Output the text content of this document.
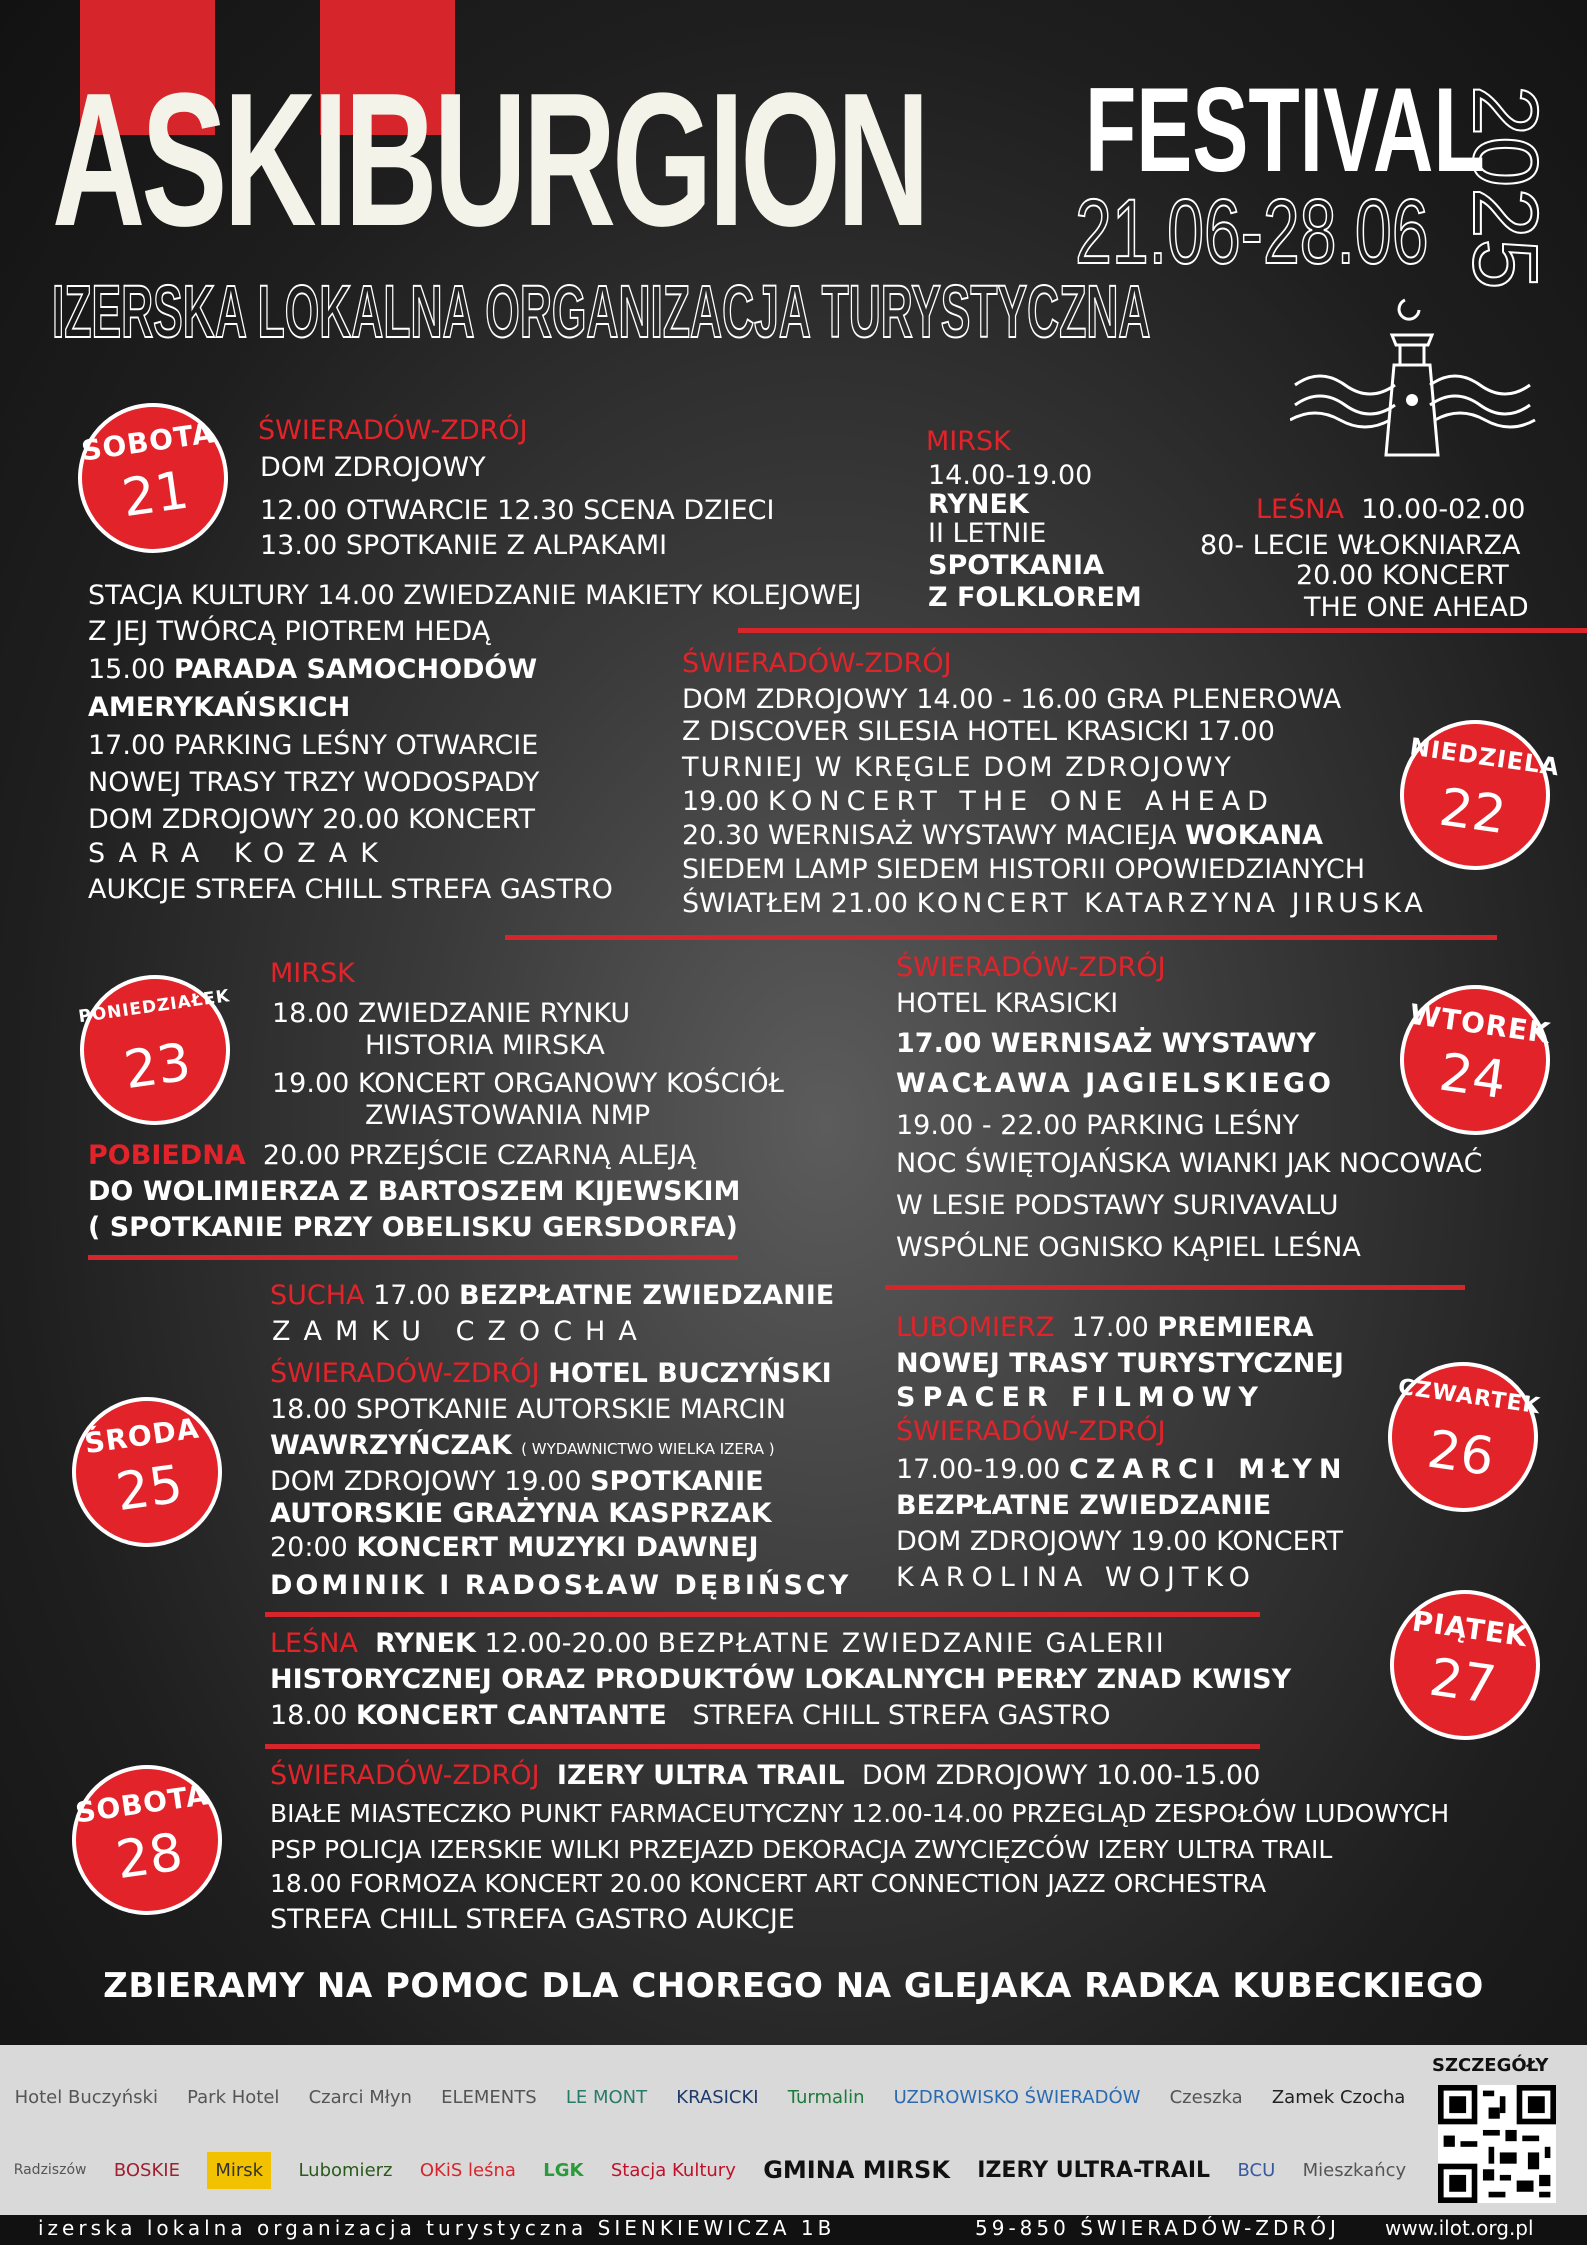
ASKIBURGION FESTIVAL
21.06-28.06 2025
IZERSKA LOKALNA ORGANIZACJA TURYSTYCZNA
SOBOTA
21
NIEDZIELA
22
PONIEDZIAŁEK
23
WTOREK
24
ŚRODA
25
CZWARTEK
26
PIĄTEK
27
SOBOTA
28
ŚWIERADÓW-ZDRÓJ
DOM ZDROJOWY
12.00 OTWARCIE 12.30 SCENA DZIECI
13.00 SPOTKANIE Z ALPAKAMI
STACJA KULTURY 14.00 ZWIEDZANIE MAKIETY KOLEJOWEJ
Z JEJ TWÓRCĄ PIOTREM HEDĄ
15.00 PARADA SAMOCHODÓW
AMERYKAŃSKICH
17.00 PARKING LEŚNY OTWARCIE
NOWEJ TRASY TRZY WODOSPADY
DOM ZDROJOWY 20.00 KONCERT
SARA KOZAK
AUKCJE STREFA CHILL STREFA GASTRO
MIRSK
14.00-19.00
RYNEK
II LETNIE
SPOTKANIA
Z FOLKLOREM
LEŚNA 10.00-02.00
80- LECIE WŁOKNIARZA
20.00 KONCERT
THE ONE AHEAD
ŚWIERADÓW-ZDRÓJ
DOM ZDROJOWY 14.00 - 16.00 GRA PLENEROWA
Z DISCOVER SILESIA HOTEL KRASICKI 17.00
TURNIEJ W KRĘGLE DOM ZDROJOWY
19.00 KONCERT THE ONE AHEAD
20.30 WERNISAŻ WYSTAWY MACIEJA WOKANA
SIEDEM LAMP SIEDEM HISTORII OPOWIEDZIANYCH
ŚWIATŁEM 21.00 KONCERT KATARZYNA JIRUSKA
MIRSK
18.00 ZWIEDZANIE RYNKU
HISTORIA MIRSKA
19.00 KONCERT ORGANOWY KOŚCIÓŁ
ZWIASTOWANIA NMP
POBIEDNA 20.00 PRZEJŚCIE CZARNĄ ALEJĄ
DO WOLIMIERZA Z BARTOSZEM KIJEWSKIM
( SPOTKANIE PRZY OBELISKU GERSDORFA)
ŚWIERADÓW-ZDRÓJ
HOTEL KRASICKI
17.00 WERNISAŻ WYSTAWY
WACŁAWA JAGIELSKIEGO
19.00 - 22.00 PARKING LEŚNY
NOC ŚWIĘTOJAŃSKA WIANKI JAK NOCOWAĆ
W LESIE PODSTAWY SURIVAVALU
WSPÓLNE OGNISKO KĄPIEL LEŚNA
SUCHA 17.00 BEZPŁATNE ZWIEDZANIE
ZAMKU CZOCHA
ŚWIERADÓW-ZDRÓJ HOTEL BUCZYŃSKI
18.00 SPOTKANIE AUTORSKIE MARCIN
WAWRZYŃCZAK ( WYDAWNICTWO WIELKA IZERA )
DOM ZDROJOWY 19.00 SPOTKANIE
AUTORSKIE GRAŻYNA KASPRZAK
20:00 KONCERT MUZYKI DAWNEJ
DOMINIK I RADOSŁAW DĘBIŃSCY
LUBOMIERZ 17.00 PREMIERA
NOWEJ TRASY TURYSTYCZNEJ
SPACER FILMOWY
ŚWIERADÓW-ZDRÓJ
17.00-19.00 CZARCI MŁYN
BEZPŁATNE ZWIEDZANIE
DOM ZDROJOWY 19.00 KONCERT
KAROLINA WOJTKO
LEŚNA RYNEK 12.00-20.00 BEZPŁATNE ZWIEDZANIE GALERII
HISTORYCZNEJ ORAZ PRODUKTÓW LOKALNYCH PERŁY ZNAD KWISY
18.00 KONCERT CANTANTE STREFA CHILL STREFA GASTRO
ŚWIERADÓW-ZDRÓJ IZERY ULTRA TRAIL DOM ZDROJOWY 10.00-15.00
BIAŁE MIASTECZKO PUNKT FARMACEUTYCZNY 12.00-14.00 PRZEGLĄD ZESPOŁÓW LUDOWYCH
PSP POLICJA IZERSKIE WILKI PRZEJAZD DEKORACJA ZWYCIĘZCÓW IZERY ULTRA TRAIL
18.00 FORMOZA KONCERT 20.00 KONCERT ART CONNECTION JAZZ ORCHESTRA
STREFA CHILL STREFA GASTRO AUKCJE
ZBIERAMY NA POMOC DLA CHOREGO NA GLEJAKA RADKA KUBECKIEGO
Hotel Buczyński Park Hotel Czarci Młyn ELEMENTS LE MONT KRASICKI Turmalin UZDROWISKO ŚWIERADÓW Czeszka Zamek Czocha
Radziszów BOSKIE	Mirsk	Lubomierz OKiS leśna LGK Stacja Kultury GMINA MIRSK IZERY ULTRA-TRAIL BCU Mieszkańcy
SZCZEGÓŁY
izerska lokalna organizacja turystyczna SIENKIEWICZA 1B	59-850 ŚWIERADÓW-ZDRÓJ www.ilot.org.pl
